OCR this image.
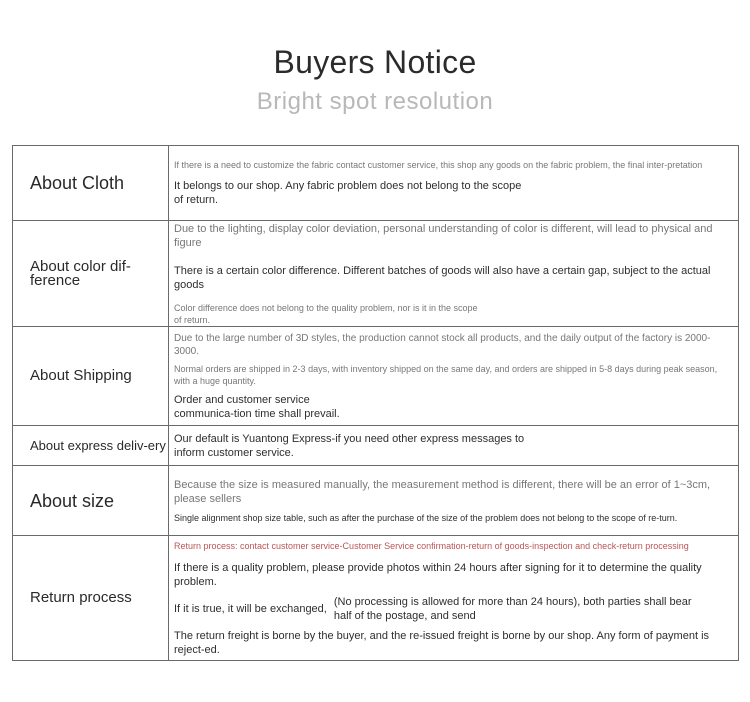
Buyers Notice
Bright spot resolution
About Cloth	If there is a need to customize the fabric contact customer service, this shop any goods on the fabric problem, the final inter-pretation

It belongs to our shop. Any fabric problem does not belong to the scope of return.

About color dif-ference	Due to the lighting, display color deviation, personal understanding of color is different, will lead to physical and figure

There is a certain color difference. Different batches of goods will also have a certain gap, subject to the actual goods

Color difference does not belong to the quality problem, nor is it in the scope of return.

About Shipping	Due to the large number of 3D styles, the production cannot stock all products, and the daily output of the factory is 2000-3000.

Normal orders are shipped in 2-3 days, with inventory shipped on the same day, and orders are shipped in 5-8 days during peak season, with a huge quantity.

Order and customer service communica-tion time shall prevail.

About express deliv-ery	Our default is Yuantong Express-if you need other express messages to inform customer service.

About size	Because the size is measured manually, the measurement method is different, there will be an error of 1~3cm, please sellers

Single alignment shop size table, such as after the purchase of the size of the problem does not belong to the scope of re-turn.

Return process	Return process: contact customer service-Customer Service confirmation-return of goods-inspection and check-return processing

If there is a quality problem, please provide photos within 24 hours after signing for it to determine the quality problem.

If it is true, it will be exchanged,
(No processing is allowed for more than 24 hours), both parties shall bear half of the postage, and send

The return freight is borne by the buyer, and the re-issued freight is borne by our shop. Any form of payment is reject-ed.
